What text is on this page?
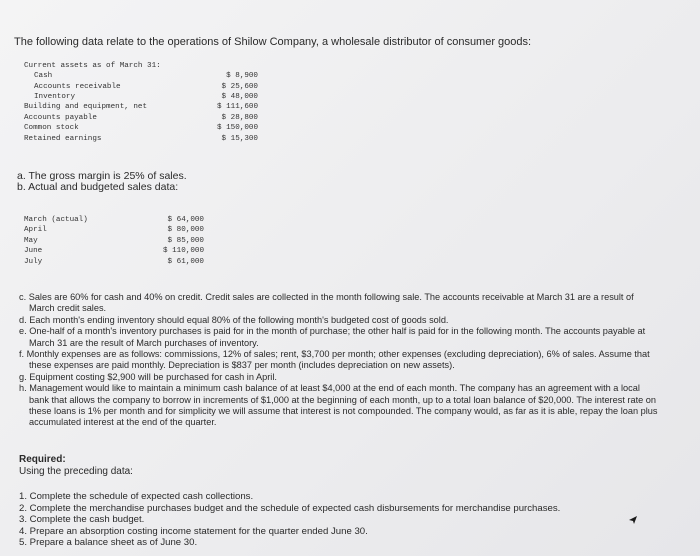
The following data relate to the operations of Shilow Company, a wholesale distributor of consumer goods:
Current assets as of March 31:
Cash	$ 8,900
Accounts receivable	$ 25,600
Inventory	$ 48,000
Building and equipment, net	$ 111,600
Accounts payable	$ 28,800
Common stock	$ 150,000
Retained earnings	$ 15,300
a. The gross margin is 25% of sales.
b. Actual and budgeted sales data:
March (actual)	$ 64,000
April	$ 80,000
May	$ 85,000
June	$ 110,000
July	$ 61,000

c. Sales are 60% for cash and 40% on credit. Credit sales are collected in the month following sale. The accounts receivable at March 31 are a result of March credit sales.

d. Each month's ending inventory should equal 80% of the following month's budgeted cost of goods sold.

e. One-half of a month's inventory purchases is paid for in the month of purchase; the other half is paid for in the following month. The accounts payable at March 31 are the result of March purchases of inventory.

f. Monthly expenses are as follows: commissions, 12% of sales; rent, $3,700 per month; other expenses (excluding depreciation), 6% of sales. Assume that these expenses are paid monthly. Depreciation is $837 per month (includes depreciation on new assets).

g. Equipment costing $2,900 will be purchased for cash in April.

h. Management would like to maintain a minimum cash balance of at least $4,000 at the end of each month. The company has an agreement with a local bank that allows the company to borrow in increments of $1,000 at the beginning of each month, up to a total loan balance of $20,000. The interest rate on these loans is 1% per month and for simplicity we will assume that interest is not compounded. The company would, as far as it is able, repay the loan plus accumulated interest at the end of the quarter.

Required:
Using the preceding data:

1. Complete the schedule of expected cash collections.

2. Complete the merchandise purchases budget and the schedule of expected cash disbursements for merchandise purchases.

3. Complete the cash budget.

4. Prepare an absorption costing income statement for the quarter ended June 30.

5. Prepare a balance sheet as of June 30.
